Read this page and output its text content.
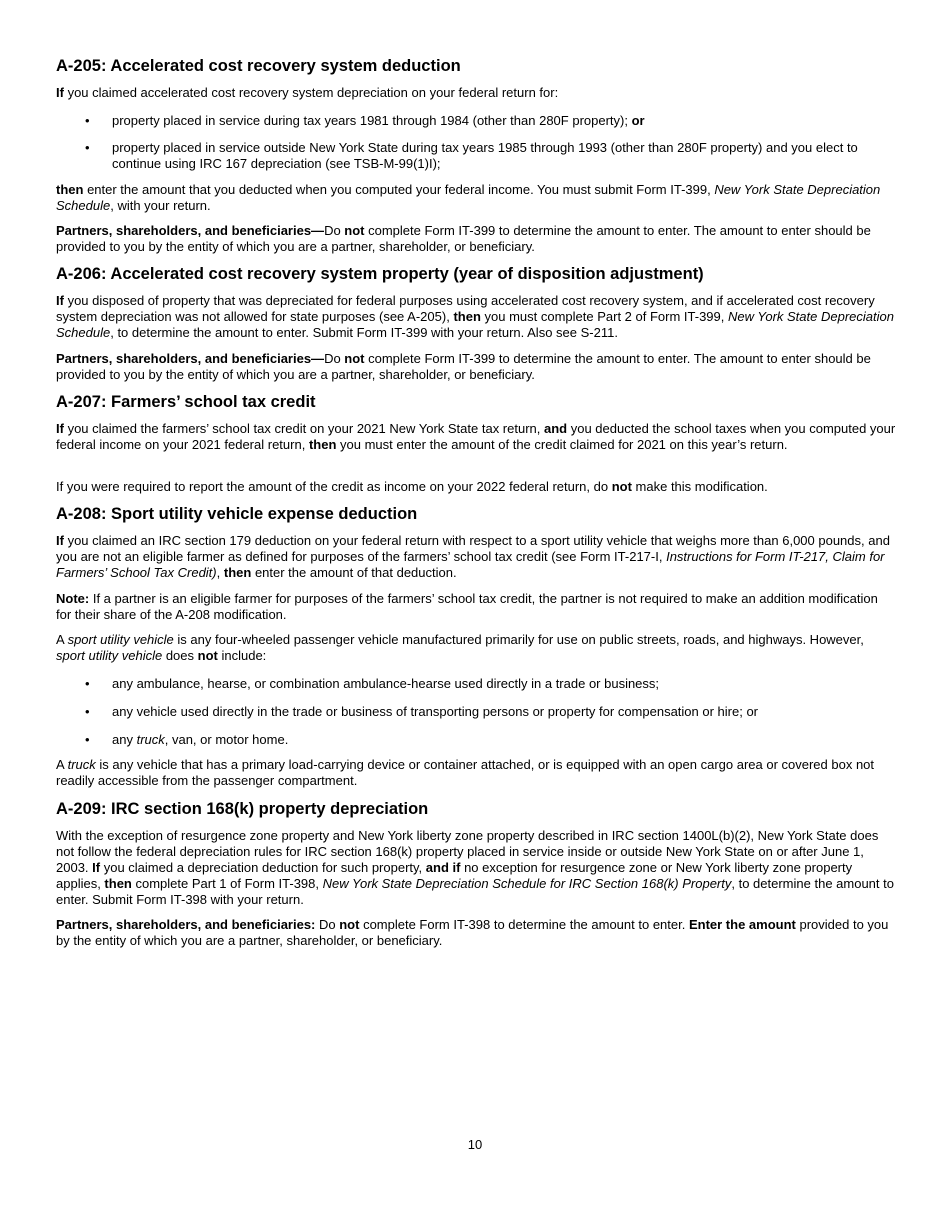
A-205: Accelerated cost recovery system deduction

If you claimed accelerated cost recovery system depreciation on your federal return for:

• property placed in service during tax years 1981 through 1984 (other than 280F property); or
• property placed in service outside New York State during tax years 1985 through 1993 (other than 280F property) and you elect to continue using IRC 167 depreciation (see TSB-M-99(1)I);

then enter the amount that you deducted when you computed your federal income. You must submit Form IT-399, New York State Depreciation Schedule, with your return.

Partners, shareholders, and beneficiaries—Do not complete Form IT-399 to determine the amount to enter. The amount to enter should be provided to you by the entity of which you are a partner, shareholder, or beneficiary.

A-206: Accelerated cost recovery system property (year of disposition adjustment)

If you disposed of property that was depreciated for federal purposes using accelerated cost recovery system, and if accelerated cost recovery system depreciation was not allowed for state purposes (see A-205), then you must complete Part 2 of Form IT-399, New York State Depreciation Schedule, to determine the amount to enter. Submit Form IT-399 with your return. Also see S-211.

Partners, shareholders, and beneficiaries—Do not complete Form IT-399 to determine the amount to enter. The amount to enter should be provided to you by the entity of which you are a partner, shareholder, or beneficiary.

A-207: Farmers’ school tax credit

If you claimed the farmers’ school tax credit on your 2021 New York State tax return, and you deducted the school taxes when you computed your federal income on your 2021 federal return, then you must enter the amount of the credit claimed for 2021 on this year’s return.

If you were required to report the amount of the credit as income on your 2022 federal return, do not make this modification.

A-208: Sport utility vehicle expense deduction

If you claimed an IRC section 179 deduction on your federal return with respect to a sport utility vehicle that weighs more than 6,000 pounds, and you are not an eligible farmer as defined for purposes of the farmers’ school tax credit (see Form IT-217-I, Instructions for Form IT-217, Claim for Farmers’ School Tax Credit), then enter the amount of that deduction.

Note: If a partner is an eligible farmer for purposes of the farmers’ school tax credit, the partner is not required to make an addition modification for their share of the A-208 modification.

A sport utility vehicle is any four-wheeled passenger vehicle manufactured primarily for use on public streets, roads, and highways. However, sport utility vehicle does not include:

• any ambulance, hearse, or combination ambulance-hearse used directly in a trade or business;
• any vehicle used directly in the trade or business of transporting persons or property for compensation or hire; or
• any truck, van, or motor home.

A truck is any vehicle that has a primary load-carrying device or container attached, or is equipped with an open cargo area or covered box not readily accessible from the passenger compartment.

A-209: IRC section 168(k) property depreciation

With the exception of resurgence zone property and New York liberty zone property described in IRC section 1400L(b)(2), New York State does not follow the federal depreciation rules for IRC section 168(k) property placed in service inside or outside New York State on or after June 1, 2003. If you claimed a depreciation deduction for such property, and if no exception for resurgence zone or New York liberty zone property applies, then complete Part 1 of Form IT-398, New York State Depreciation Schedule for IRC Section 168(k) Property, to determine the amount to enter. Submit Form IT-398 with your return.

Partners, shareholders, and beneficiaries: Do not complete Form IT-398 to determine the amount to enter. Enter the amount provided to you by the entity of which you are a partner, shareholder, or beneficiary.

10
